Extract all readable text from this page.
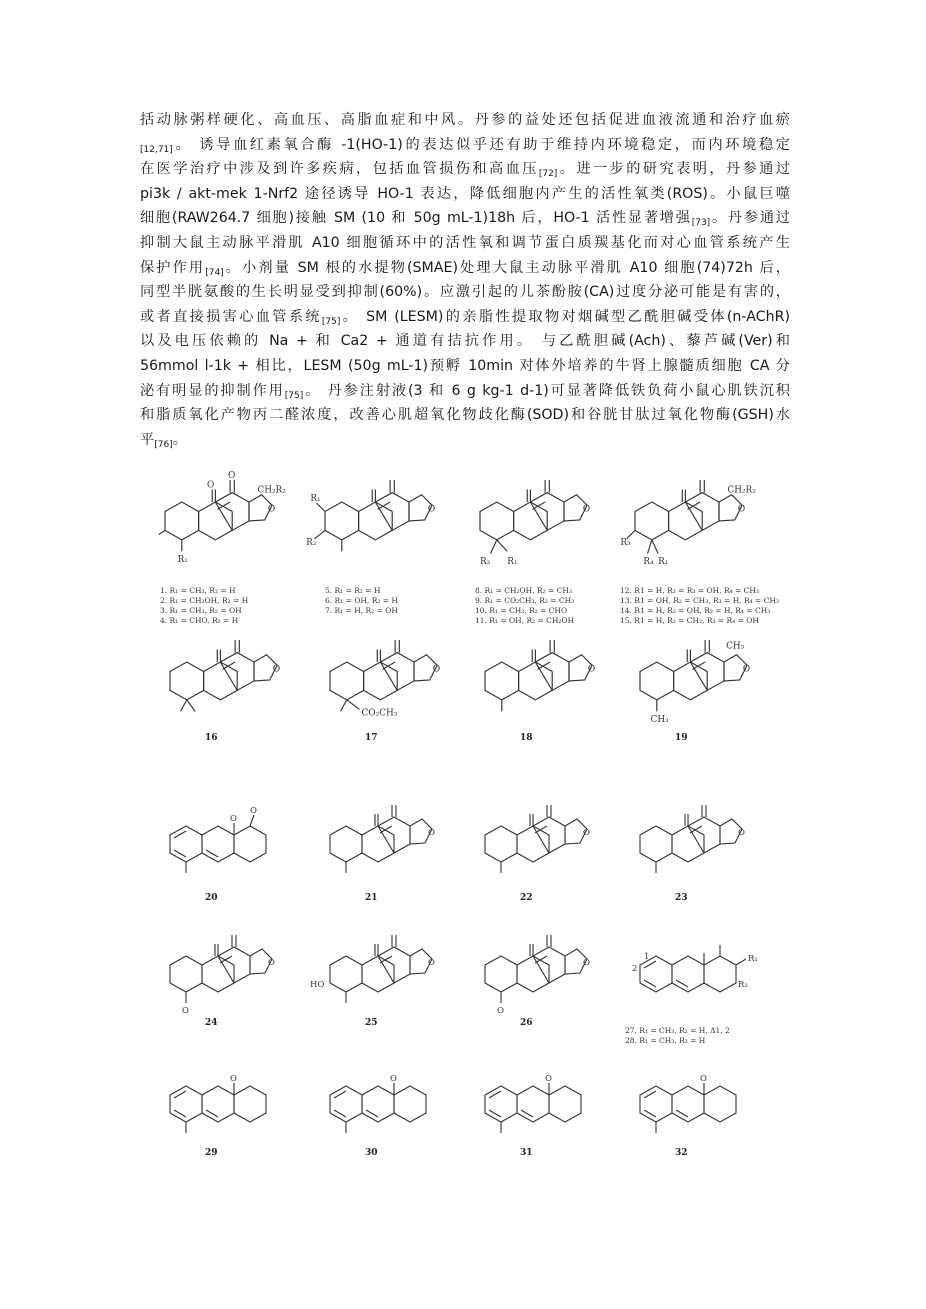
括动脉粥样硬化、高血压、高脂血症和中风。丹参的益处还包括促进血液流通和治疗血瘀
$_{[12,71]}$。 诱导血红素氧合酶 -1(HO-1)的表达似乎还有助于维持内环境稳定，而内环境稳定
在医学治疗中涉及到许多疾病，包括血管损伤和高血压$_{[72]}$。进一步的研究表明，丹参通过
pi3k / akt-mek 1-Nrf2 途径诱导 HO-1 表达，降低细胞内产生的活性氧类(ROS)。小鼠巨噬
细胞(RAW264.7 细胞)接触 SM (10 和 50g mL-1)18h 后，HO-1 活性显著增强$_{[73]}$。丹参通过
抑制大鼠主动脉平滑肌 A10 细胞循环中的活性氧和调节蛋白质羰基化而对心血管系统产生
保护作用$_{[74]}$。小剂量 SM 根的水提物(SMAE)处理大鼠主动脉平滑肌 A10 细胞(74)72h 后，
同型半胱氨酸的生长明显受到抑制(60%)。应激引起的儿茶酚胺(CA)过度分泌可能是有害的，
或者直接损害心血管系统$_{[75]}$。 SM (LESM)的亲脂性提取物对烟碱型乙酰胆碱受体(n-AChR)
以及电压依赖的 Na + 和 Ca2 + 通道有拮抗作用。 与乙酰胆碱(Ach)、藜芦碱(Ver)和
56mmol l-1k + 相比，LESM (50g mL-1)预孵 10min 对体外培养的牛肾上腺髓质细胞 CA 分
泌有明显的抑制作用$_{[75]}$。 丹参注射液(3 和 6 g kg-1 d-1)可显著降低铁负荷小鼠心肌铁沉积
和脂质氧化产物丙二醛浓度，改善心肌超氧化物歧化酶(SOD)和谷胱甘肽过氧化物酶(GSH)水
平$_{[76]}$。
R₁
CH₂R₂
O
O
O
R₂
R₁
O
R₂ R₁
O
R₃
R₄ R₁
CH₂R₂
O
1. R₁ = CH₃, R₂ = H
2. R₁ = CH₂OH, R₂ = H
3. R₁ = CH₃, R₂ = OH
4. R₁ = CHO, R₂ = H
5. R₁ = R₂ = H
6. R₁ = OH, R₂ = H
7. R₁ = H, R₂ = OH
8. R₁ = CH₂OH, R₂ = CH₃
9. R₁ = CO₂CH₃, R₂ = CH₃
10. R₁ = CH₃, R₂ = CHO
11. R₁ = OH, R₂ = CH₂OH
12. R1 = H, R₂ = R₃ = OH, R₄ = CH₃
13. R1 = OH, R₂ = CH₃, R₃ = H, R₄ = CH₃
14. R1 = H, R₂ = OH, R₃ = H, R₄ = CH₃
15. R1 = H, R₂ = CH₃, R₃ = R₄ = OH
O
16
O
CO₂CH₃
17
O
18
O
CH₃
CH₃
19
O
O
20
O
21
O
22
O
23
O
O
24
O
HO
25
O
O
26
R₁
R₂
1
2
27. R₁ = CH₃, R₂ = H, Δ1, 2
28. R₁ = CH₃, R₂ = H
O
29
O
30
O
31
O
32
